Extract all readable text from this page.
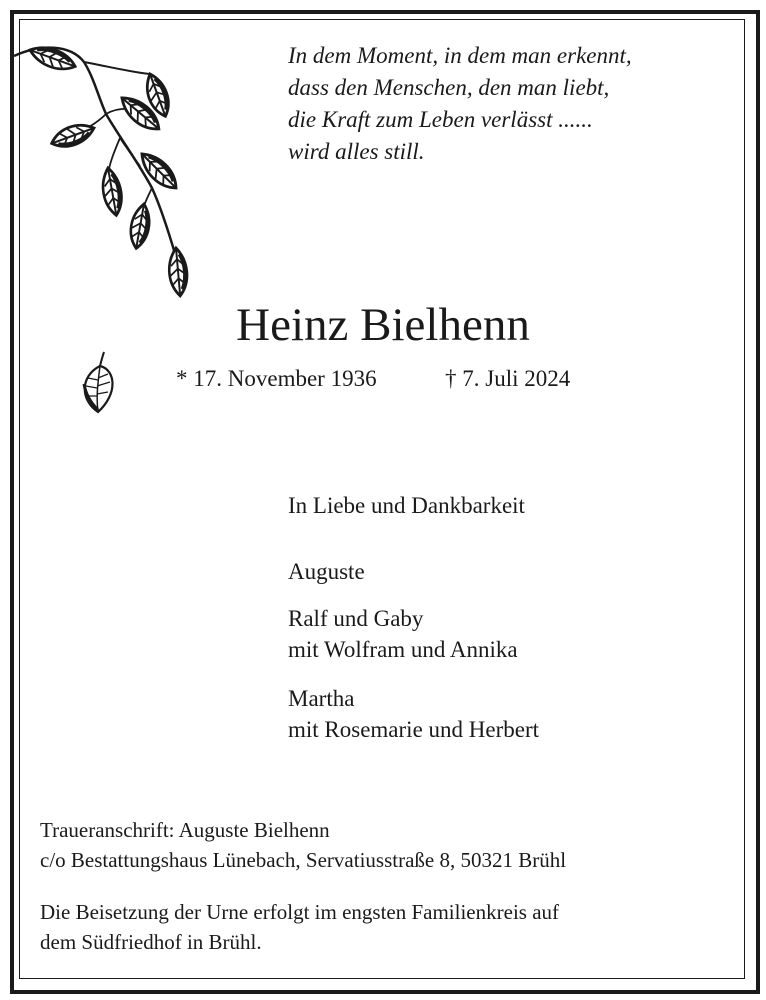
In dem Moment, in dem man erkennt,
dass den Menschen, den man liebt,
die Kraft zum Leben verlässt ......
wird alles still.
Heinz Bielhenn
* 17. November 1936	† 7. Juli 2024
In Liebe und Dankbarkeit
Auguste
Ralf und Gaby
mit Wolfram und Annika
Martha
mit Rosemarie und Herbert
Traueranschrift: Auguste Bielhenn
c/o Bestattungshaus Lünebach, Servatiusstraße 8, 50321 Brühl
Die Beisetzung der Urne erfolgt im engsten Familienkreis auf
dem Südfriedhof in Brühl.
